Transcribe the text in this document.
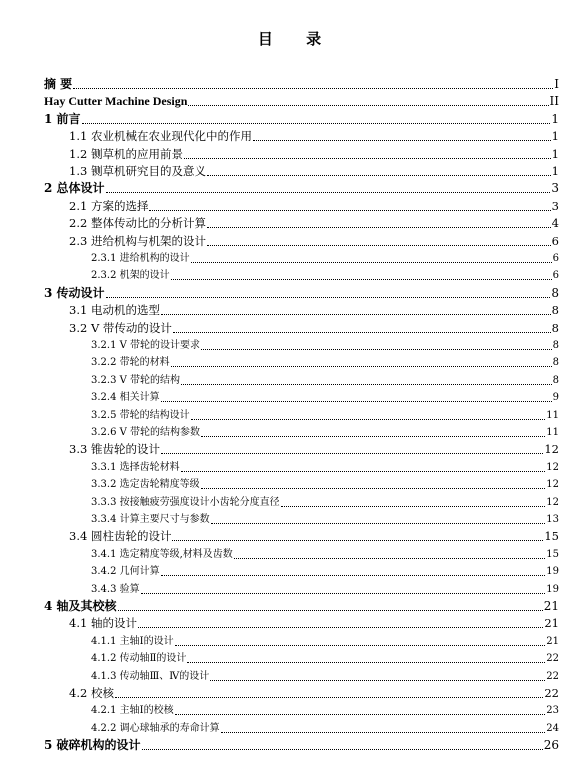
目 录
摘 要	I
Hay Cutter Machine Design	II
1 前言	1
1.1 农业机械在农业现代化中的作用	1
1.2 铡草机的应用前景	1
1.3 铡草机研究目的及意义	1
2 总体设计	3
2.1 方案的选择	3
2.2 整体传动比的分析计算	4
2.3 进给机构与机架的设计	6
2.3.1 进给机构的设计	6
2.3.2 机架的设计	6
3 传动设计	8
3.1 电动机的选型	8
3.2 V 带传动的设计	8
3.2.1 V 带轮的设计要求	8
3.2.2 带轮的材料	8
3.2.3 V 带轮的结构	8
3.2.4 相关计算	9
3.2.5 带轮的结构设计	11
3.2.6 V 带轮的结构参数	11
3.3 锥齿轮的设计	12
3.3.1 选择齿轮材料	12
3.3.2 选定齿轮精度等级	12
3.3.3 按接触疲劳强度设计小齿轮分度直径	12
3.3.4 计算主要尺寸与参数	13
3.4 圆柱齿轮的设计	15
3.4.1 选定精度等级,材料及齿数	15
3.4.2 几何计算	19
3.4.3 验算	19
4 轴及其校核	21
4.1 轴的设计	21
4.1.1 主轴Ⅰ的设计	21
4.1.2 传动轴Ⅱ的设计	22
4.1.3 传动轴Ⅲ、Ⅳ的设计	22
4.2 校核	22
4.2.1 主轴Ⅰ的校核	23
4.2.2 调心球轴承的寿命计算	24
5 破碎机构的设计	26
